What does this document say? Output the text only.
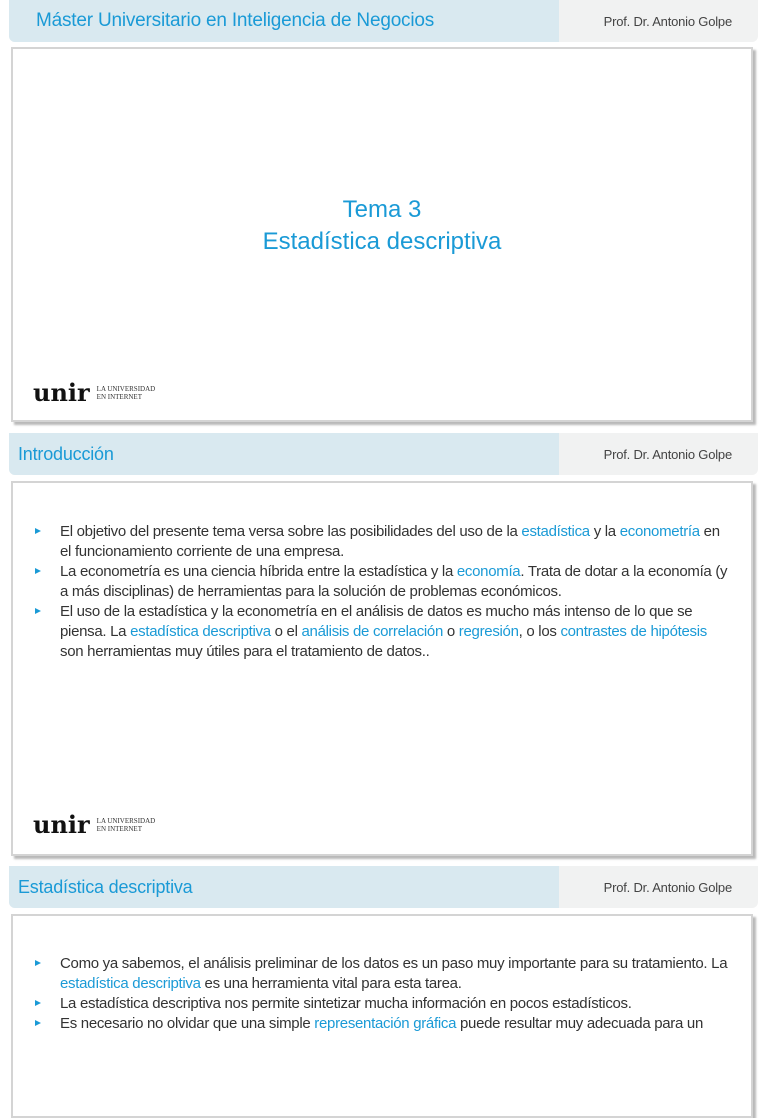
Máster Universitario en Inteligencia de Negocios	Prof. Dr. Antonio Golpe
Tema 3
Estadística descriptiva
unir LA UNIVERSIDAD
EN INTERNET
Introducción	Prof. Dr. Antonio Golpe
El objetivo del presente tema versa sobre las posibilidades del uso de la estadística y la econometría en el funcionamiento corriente de una empresa.
La econometría es una ciencia híbrida entre la estadística y la economía. Trata de dotar a la economía (y a más disciplinas) de herramientas para la solución de problemas económicos.
El uso de la estadística y la econometría en el análisis de datos es mucho más intenso de lo que se piensa. La estadística descriptiva o el análisis de correlación o regresión, o los contrastes de hipótesis son herramientas muy útiles para el tratamiento de datos..
unir LA UNIVERSIDAD
EN INTERNET
Estadística descriptiva	Prof. Dr. Antonio Golpe
Como ya sabemos, el análisis preliminar de los datos es un paso muy importante para su tratamiento. La estadística descriptiva es una herramienta vital para esta tarea.
La estadística descriptiva nos permite sintetizar mucha información en pocos estadísticos.
Es necesario no olvidar que una simple representación gráfica puede resultar muy adecuada para un
